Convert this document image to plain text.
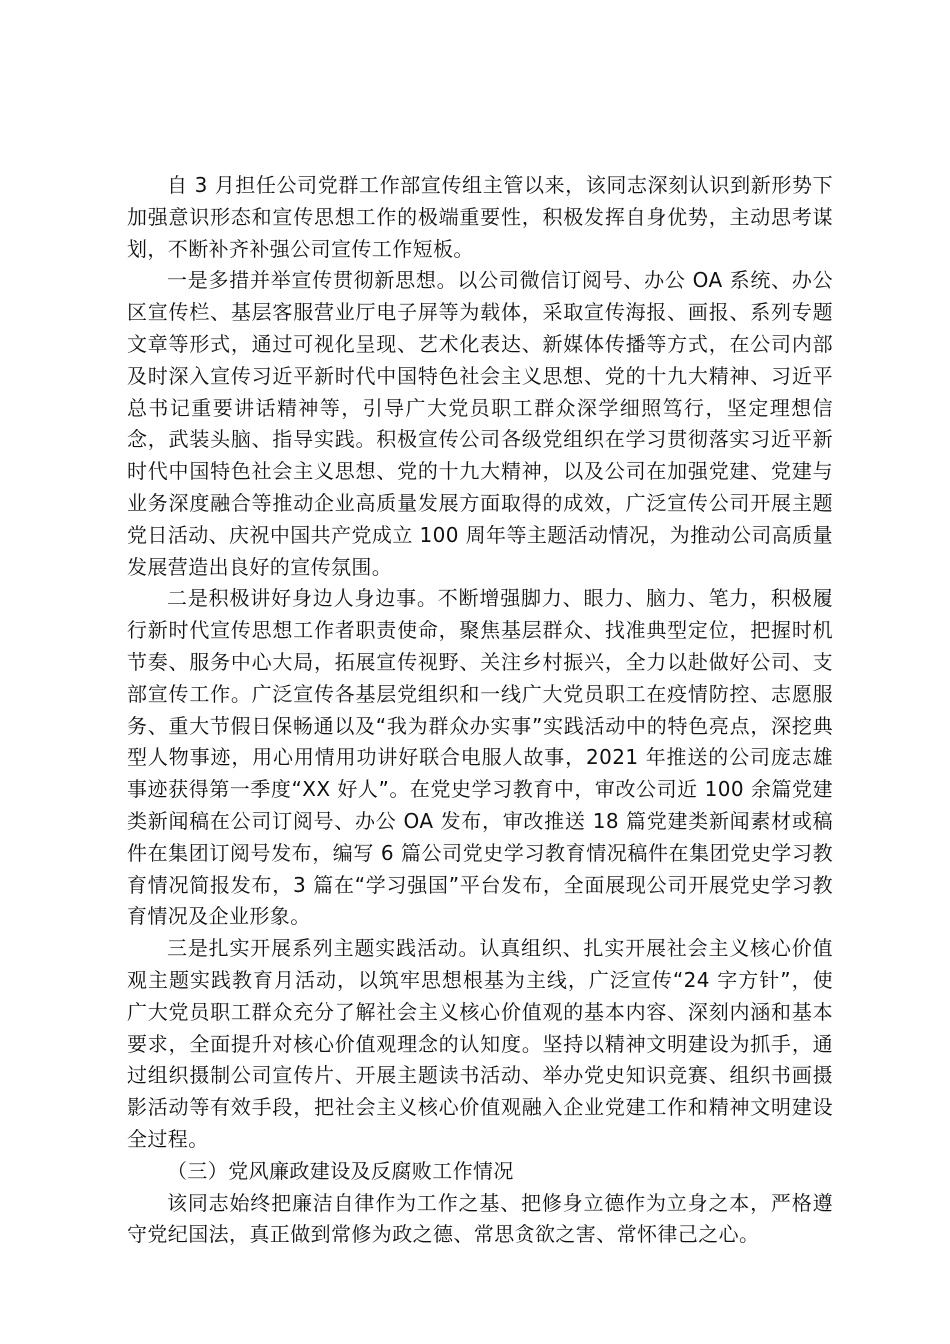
自 3 月担任公司党群工作部宣传组主管以来，该同志深刻认识到新形势下加强意识形态和宣传思想工作的极端重要性，积极发挥自身优势，主动思考谋划，不断补齐补强公司宣传工作短板。

一是多措并举宣传贯彻新思想。以公司微信订阅号、办公 OA 系统、办公区宣传栏、基层客服营业厅电子屏等为载体，采取宣传海报、画报、系列专题文章等形式，通过可视化呈现、艺术化表达、新媒体传播等方式，在公司内部及时深入宣传习近平新时代中国特色社会主义思想、党的十九大精神、习近平总书记重要讲话精神等，引导广大党员职工群众深学细照笃行，坚定理想信念，武装头脑、指导实践。积极宣传公司各级党组织在学习贯彻落实习近平新时代中国特色社会主义思想、党的十九大精神，以及公司在加强党建、党建与业务深度融合等推动企业高质量发展方面取得的成效，广泛宣传公司开展主题党日活动、庆祝中国共产党成立 100 周年等主题活动情况，为推动公司高质量发展营造出良好的宣传氛围。

二是积极讲好身边人身边事。不断增强脚力、眼力、脑力、笔力，积极履行新时代宣传思想工作者职责使命，聚焦基层群众、找准典型定位，把握时机节奏、服务中心大局，拓展宣传视野、关注乡村振兴，全力以赴做好公司、支部宣传工作。广泛宣传各基层党组织和一线广大党员职工在疫情防控、志愿服务、重大节假日保畅通以及“我为群众办实事”实践活动中的特色亮点，深挖典型人物事迹，用心用情用功讲好联合电服人故事，2021 年推送的公司庞志雄事迹获得第一季度“XX 好人”。在党史学习教育中，审改公司近 100 余篇党建类新闻稿在公司订阅号、办公 OA 发布，审改推送 18 篇党建类新闻素材或稿件在集团订阅号发布，编写 6 篇公司党史学习教育情况稿件在集团党史学习教育情况简报发布，3 篇在“学习强国”平台发布，全面展现公司开展党史学习教育情况及企业形象。

三是扎实开展系列主题实践活动。认真组织、扎实开展社会主义核心价值观主题实践教育月活动，以筑牢思想根基为主线，广泛宣传“24 字方针”，使广大党员职工群众充分了解社会主义核心价值观的基本内容、深刻内涵和基本要求，全面提升对核心价值观理念的认知度。坚持以精神文明建设为抓手，通过组织摄制公司宣传片、开展主题读书活动、举办党史知识竞赛、组织书画摄影活动等有效手段，把社会主义核心价值观融入企业党建工作和精神文明建设全过程。

（三）党风廉政建设及反腐败工作情况

该同志始终把廉洁自律作为工作之基、把修身立德作为立身之本，严格遵守党纪国法，真正做到常修为政之德、常思贪欲之害、常怀律己之心。
